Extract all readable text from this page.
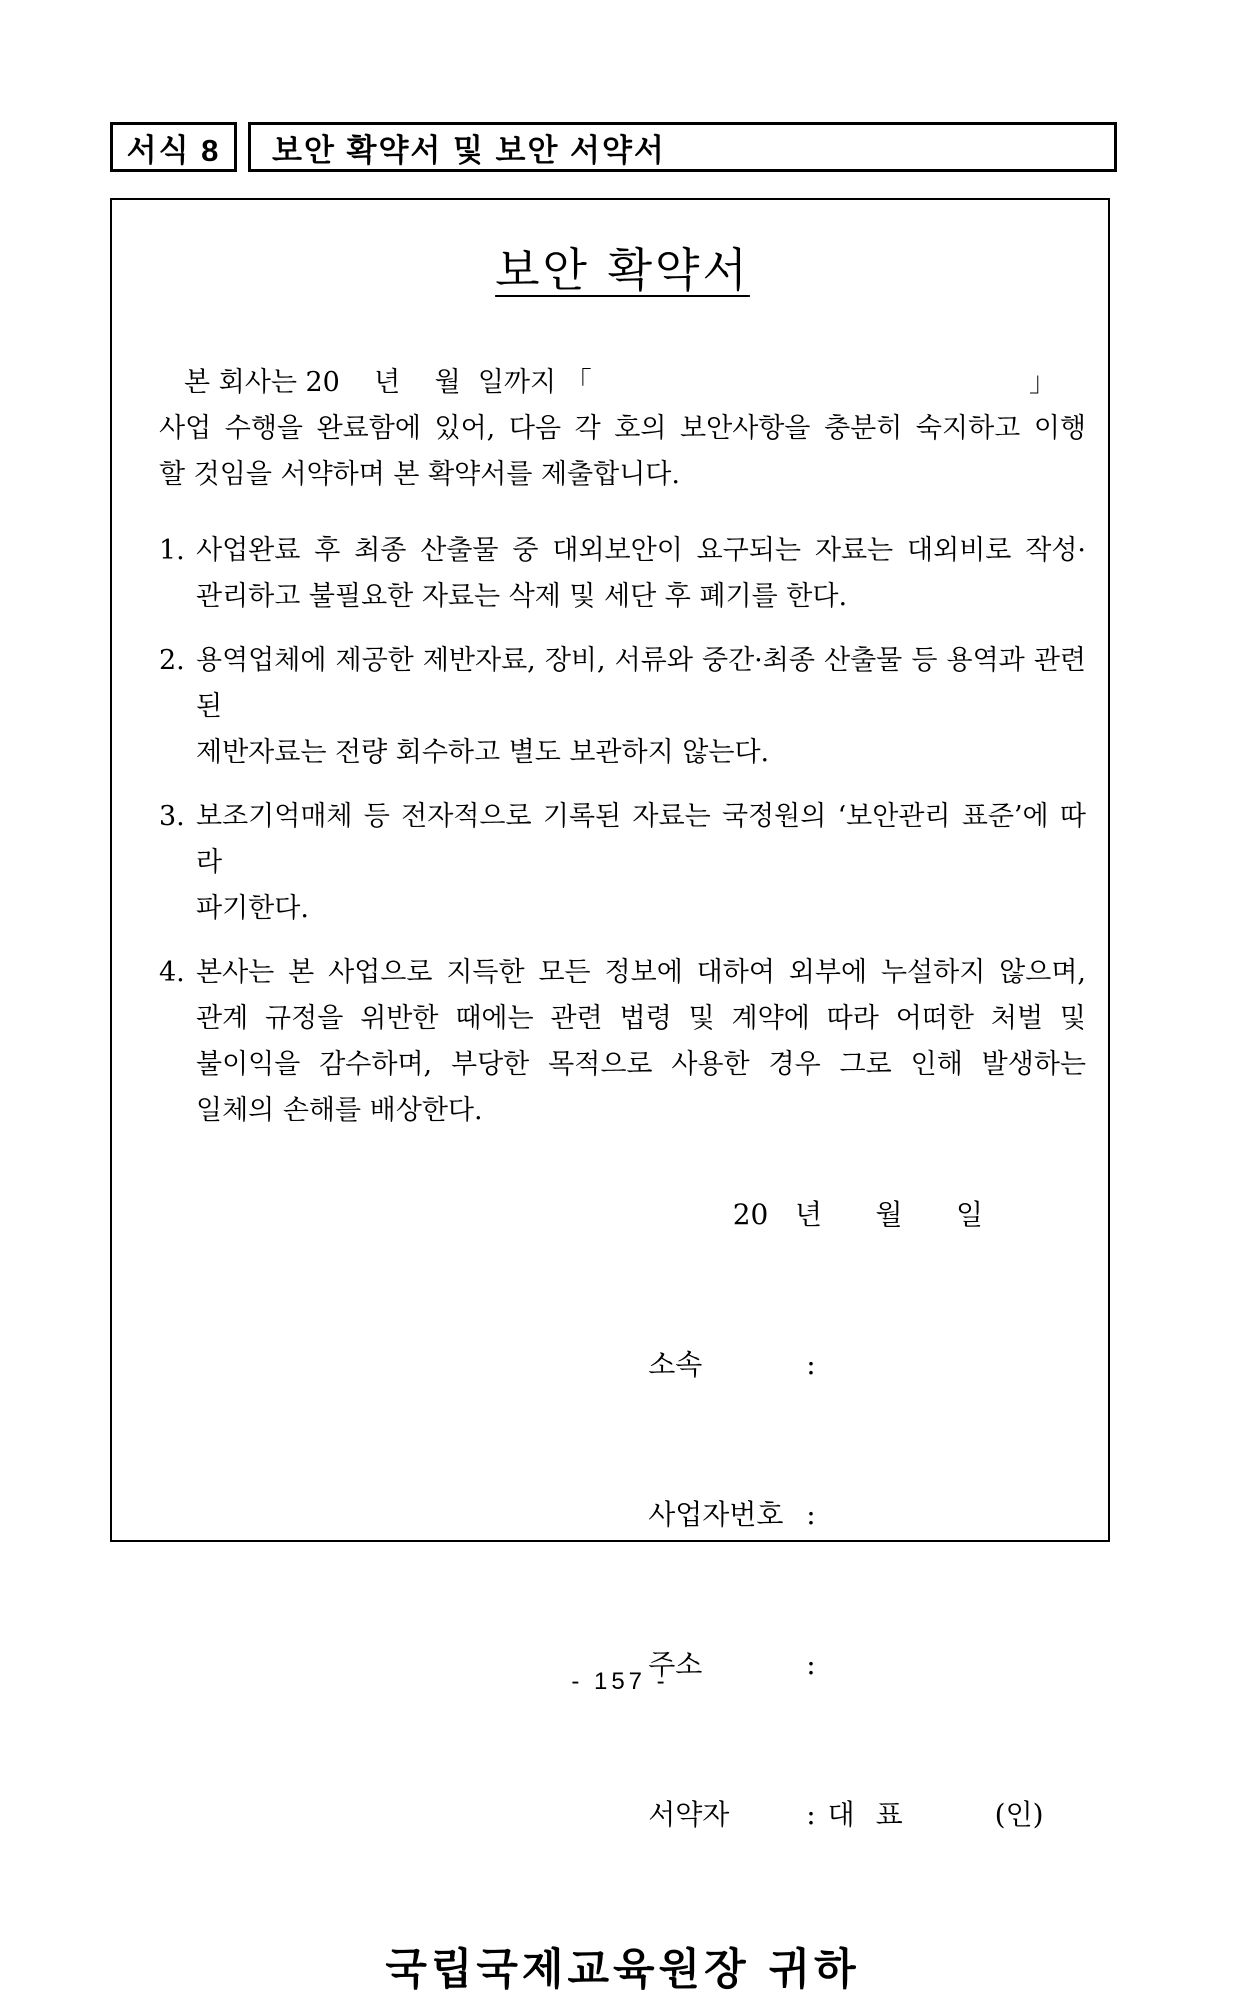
서식 8 보안 확약서 및 보안 서약서
보안 확약서
본 회사는 20    년    월  일까지 「	」
사업 수행을 완료함에 있어, 다음 각 호의 보안사항을 충분히 숙지하고 이행
할 것임을 서약하며 본 확약서를 제출합니다.
1. 사업완료 후 최종 산출물 중 대외보안이 요구되는 자료는 대외비로 작성·
관리하고 불필요한 자료는 삭제 및 세단 후 폐기를 한다.
2. 용역업체에 제공한 제반자료, 장비, 서류와 중간·최종 산출물 등 용역과 관련된
제반자료는 전량 회수하고 별도 보관하지 않는다.
3. 보조기억매체 등 전자적으로 기록된 자료는 국정원의 ‘보안관리 표준’에 따라
파기한다.
4. 본사는 본 사업으로 지득한 모든 정보에 대하여 외부에 누설하지 않으며,
관계 규정을 위반한 때에는 관련 법령 및 계약에 따라 어떠한 처벌 및
불이익을 감수하며, 부당한 목적으로 사용한 경우 그로 인해 발생하는
일체의 손해를 배상한다.
20   년      월      일

소속	:

사업자번호 :

주소	:

서약자	: 대 표	(인)

국립국제교육원장 귀하
- 157 -
